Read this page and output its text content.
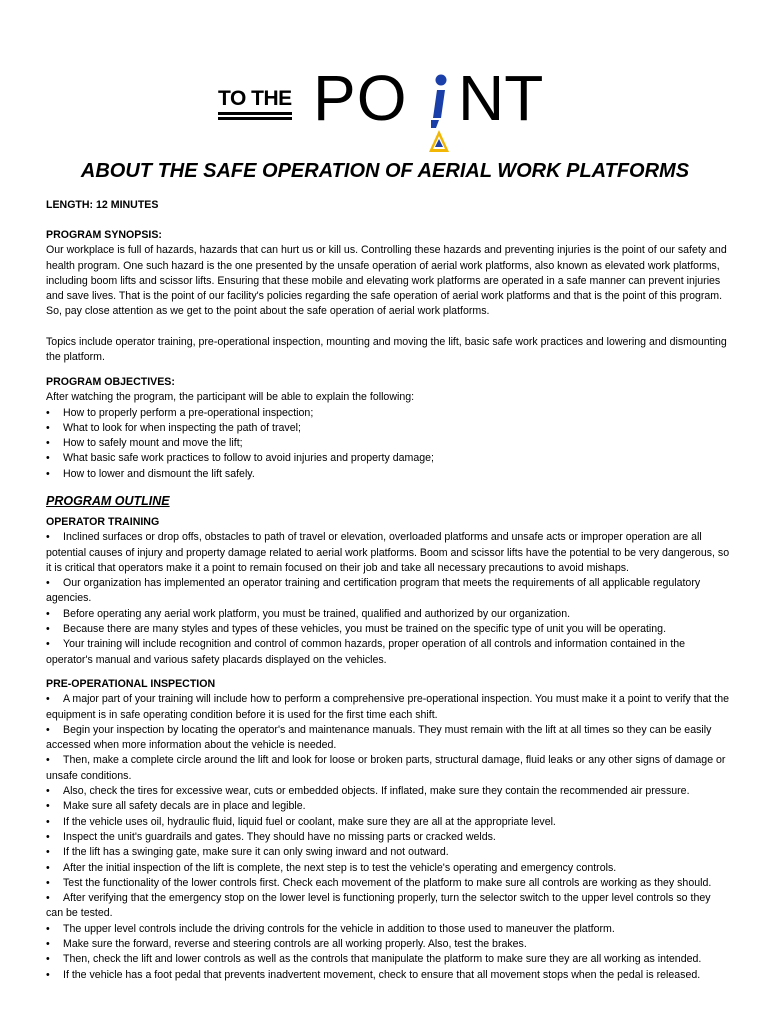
TO THE PO NT
ABOUT THE SAFE OPERATION OF AERIAL WORK PLATFORMS
LENGTH: 12 MINUTES
PROGRAM SYNOPSIS:

Our workplace is full of hazards, hazards that can hurt us or kill us. Controlling these hazards and preventing injuries is the point of our safety and health program. One such hazard is the one presented by the unsafe operation of aerial work platforms, also known as elevated work platforms, including boom lifts and scissor lifts. Ensuring that these mobile and elevating work platforms are operated in a safe manner can prevent injuries and save lives. That is the point of our facility's policies regarding the safe operation of aerial work platforms and that is the point of this program. So, pay close attention as we get to the point about the safe operation of aerial work platforms.

Topics include operator training, pre-operational inspection, mounting and moving the lift, basic safe work practices and lowering and dismounting the platform.

PROGRAM OBJECTIVES:
After watching the program, the participant will be able to explain the following:
• How to properly perform a pre-operational inspection;
• What to look for when inspecting the path of travel;
• How to safely mount and move the lift;
• What basic safe work practices to follow to avoid injuries and property damage;
• How to lower and dismount the lift safely.
PROGRAM OUTLINE
OPERATOR TRAINING
• Inclined surfaces or drop offs, obstacles to path of travel or elevation, overloaded platforms and unsafe acts or improper operation are all potential causes of injury and property damage related to aerial work platforms. Boom and scissor lifts have the potential to be very dangerous, so it is critical that operators make it a point to remain focused on their job and take all necessary precautions to avoid mishaps.
• Our organization has implemented an operator training and certification program that meets the requirements of all applicable regulatory agencies.
• Before operating any aerial work platform, you must be trained, qualified and authorized by our organization.
• Because there are many styles and types of these vehicles, you must be trained on the specific type of unit you will be operating.
• Your training will include recognition and control of common hazards, proper operation of all controls and information contained in the operator's manual and various safety placards displayed on the vehicles.
PRE-OPERATIONAL INSPECTION
• A major part of your training will include how to perform a comprehensive pre-operational inspection. You must make it a point to verify that the equipment is in safe operating condition before it is used for the first time each shift.
• Begin your inspection by locating the operator's and maintenance manuals. They must remain with the lift at all times so they can be easily accessed when more information about the vehicle is needed.
• Then, make a complete circle around the lift and look for loose or broken parts, structural damage, fluid leaks or any other signs of damage or unsafe conditions.
• Also, check the tires for excessive wear, cuts or embedded objects. If inflated, make sure they contain the recommended air pressure.
• Make sure all safety decals are in place and legible.
• If the vehicle uses oil, hydraulic fluid, liquid fuel or coolant, make sure they are all at the appropriate level.
• Inspect the unit's guardrails and gates. They should have no missing parts or cracked welds.
• If the lift has a swinging gate, make sure it can only swing inward and not outward.
• After the initial inspection of the lift is complete, the next step is to test the vehicle's operating and emergency controls.
• Test the functionality of the lower controls first. Check each movement of the platform to make sure all controls are working as they should.
• After verifying that the emergency stop on the lower level is functioning properly, turn the selector switch to the upper level controls so they can be tested.
• The upper level controls include the driving controls for the vehicle in addition to those used to maneuver the platform.
• Make sure the forward, reverse and steering controls are all working properly. Also, test the brakes.
• Then, check the lift and lower controls as well as the controls that manipulate the platform to make sure they are all working as intended.
• If the vehicle has a foot pedal that prevents inadvertent movement, check to ensure that all movement stops when the pedal is released.
